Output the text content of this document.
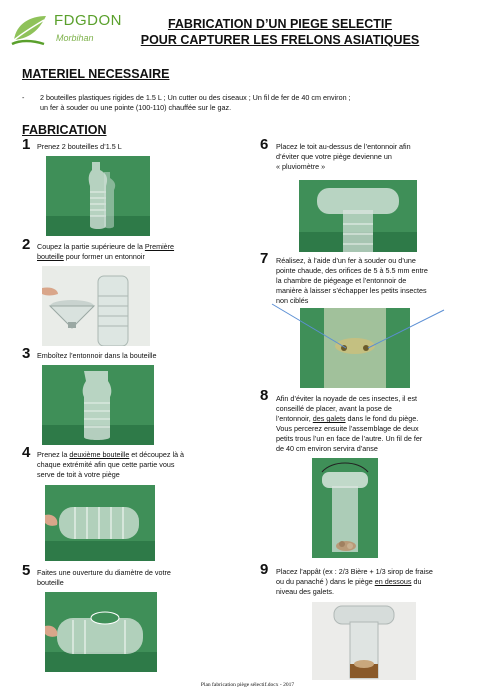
FDGDON
Morbihan
FABRICATION D’UN PIEGE SELECTIF
POUR CAPTURER LES FRELONS ASIATIQUES
MATERIEL NECESSAIRE
- 2 bouteilles plastiques rigides de 1.5 L ; Un cutter ou des ciseaux ; Un fil de fer de 40 cm environ ;
un fer à souder ou une pointe (100-110) chauffée sur le gaz.
FABRICATION
1 Prenez 2 bouteilles d’1.5 L
2 Coupez la partie supérieure de la Première
bouteille pour former un entonnoir
3 Emboîtez l’entonnoir dans la bouteille
4 Prenez la deuxième bouteille et découpez là à
chaque extrémité afin que cette partie vous
serve de toit à votre piège
5 Faites une ouverture du diamètre de votre
bouteille
6 Placez le toit au-dessus de l’entonnoir afin
d’éviter que votre piège devienne un
« pluviomètre »
7 Réalisez, à l’aide d’un fer à souder ou d’une
pointe chaude, des orifices de 5 à 5.5 mm entre
la chambre de piégeage et l’entonnoir de
manière à laisser s’échapper les petits insectes
non ciblés
8 Afin d’éviter la noyade de ces insectes, il est
conseillé de placer, avant la pose de
l’entonnoir, des galets dans le fond du piège.
Vous percerez ensuite l’assemblage de deux
petits trous l’un en face de l’autre. Un fil de fer
de 40 cm environ servira d’anse
9 Placez l’appât (ex : 2/3 Bière + 1/3 sirop de fraise
ou du panaché ) dans le piège en dessous du
niveau des galets.
Plan fabrication piège sélectif.docx - 2017
